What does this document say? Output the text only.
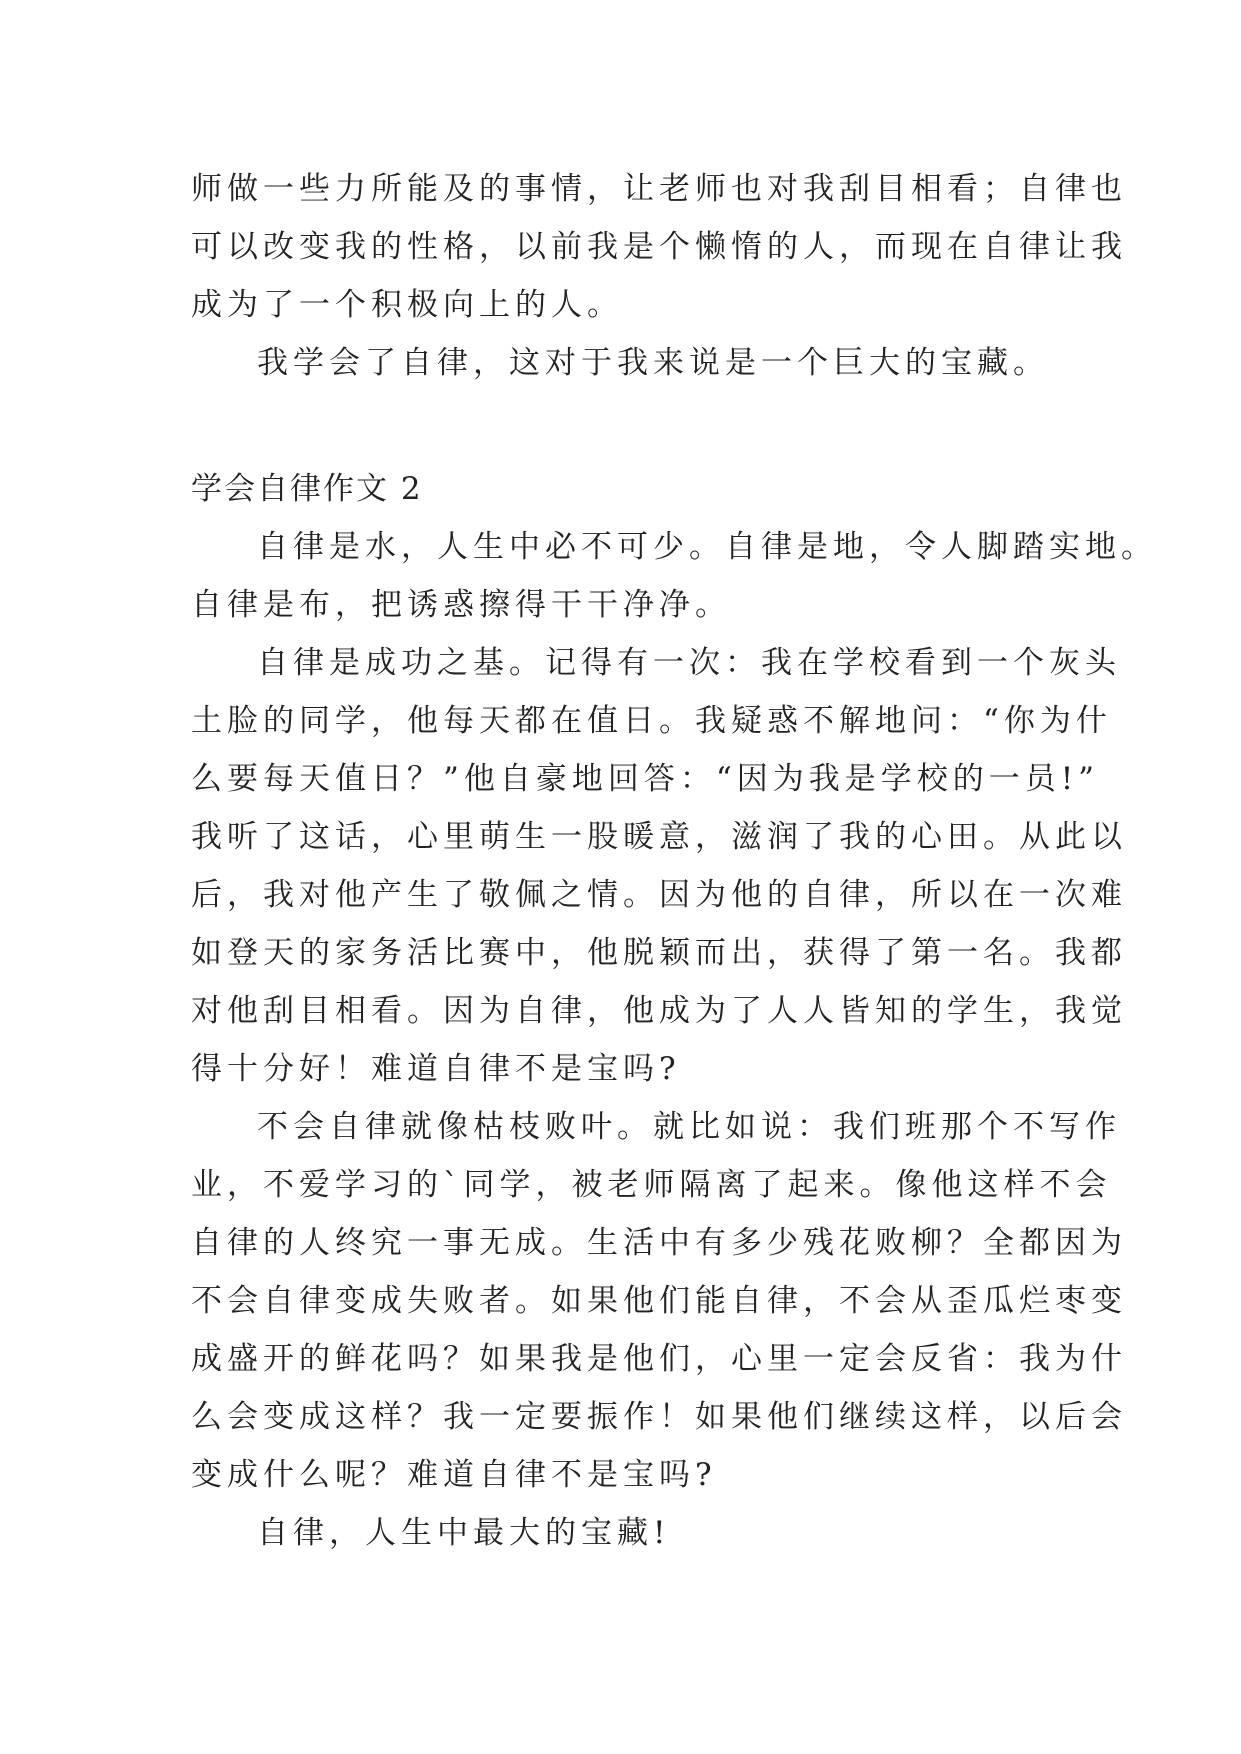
师做一些力所能及的事情，让老师也对我刮目相看；自律也
可以改变我的性格，以前我是个懒惰的人，而现在自律让我
成为了一个积极向上的人。
我学会了自律，这对于我来说是一个巨大的宝藏。
学会自律作文 2
自律是水，人生中必不可少。自律是地，令人脚踏实地。
自律是布，把诱惑擦得干干净净。
自律是成功之基。记得有一次：我在学校看到一个灰头
土脸的同学，他每天都在值日。我疑惑不解地问：“你为什
么要每天值日？”他自豪地回答：“因为我是学校的一员!”
我听了这话，心里萌生一股暖意，滋润了我的心田。从此以
后，我对他产生了敬佩之情。因为他的自律，所以在一次难
如登天的家务活比赛中，他脱颖而出，获得了第一名。我都
对他刮目相看。因为自律，他成为了人人皆知的学生，我觉
得十分好！难道自律不是宝吗?
不会自律就像枯枝败叶。就比如说：我们班那个不写作
业，不爱学习的`同学，被老师隔离了起来。像他这样不会
自律的人终究一事无成。生活中有多少残花败柳？全都因为
不会自律变成失败者。如果他们能自律，不会从歪瓜烂枣变
成盛开的鲜花吗？如果我是他们，心里一定会反省：我为什
么会变成这样？我一定要振作！如果他们继续这样，以后会
变成什么呢？难道自律不是宝吗?
自律，人生中最大的宝藏!
